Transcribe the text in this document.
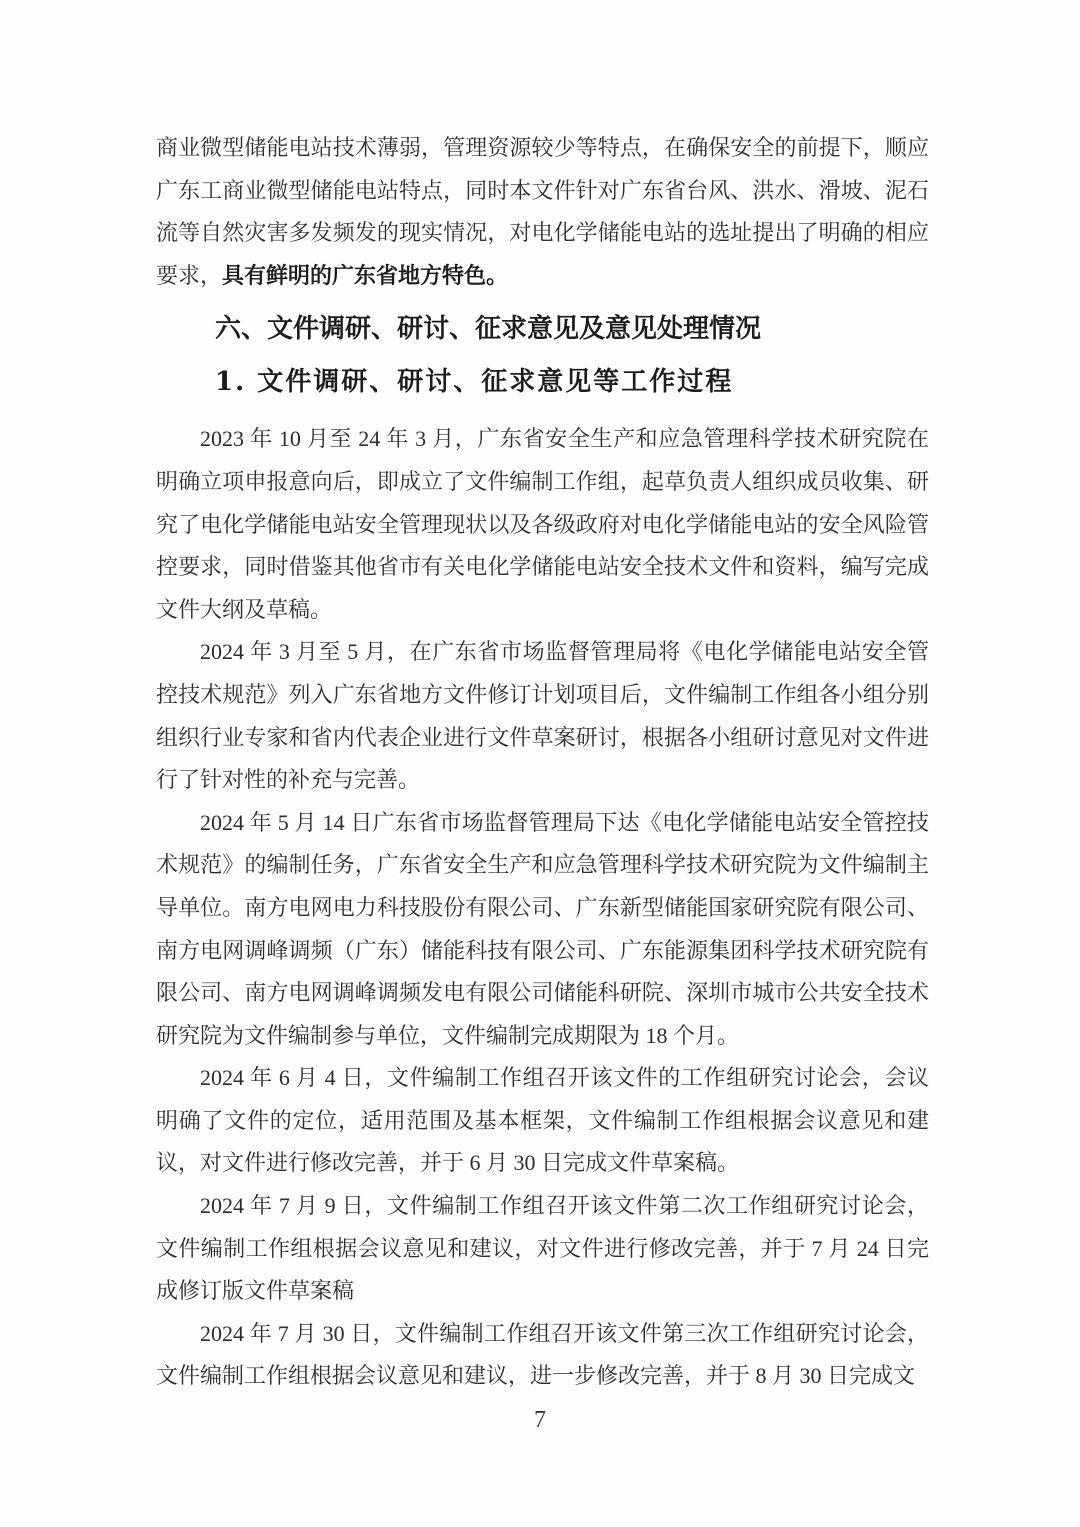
商业微型储能电站技术薄弱，管理资源较少等特点，在确保安全的前提下，顺应广东工商业微型储能电站特点，同时本文件针对广东省台风、洪水、滑坡、泥石流等自然灾害多发频发的现实情况，对电化学储能电站的选址提出了明确的相应要求，具有鲜明的广东省地方特色。

六、文件调研、研讨、征求意见及意见处理情况
1. 文件调研、研讨、征求意见等工作过程

2023 年 10 月至 24 年 3 月，广东省安全生产和应急管理科学技术研究院在明确立项申报意向后，即成立了文件编制工作组，起草负责人组织成员收集、研究了电化学储能电站安全管理现状以及各级政府对电化学储能电站的安全风险管控要求，同时借鉴其他省市有关电化学储能电站安全技术文件和资料，编写完成文件大纲及草稿。

2024 年 3 月至 5 月，在广东省市场监督管理局将《电化学储能电站安全管控技术规范》列入广东省地方文件修订计划项目后，文件编制工作组各小组分别组织行业专家和省内代表企业进行文件草案研讨，根据各小组研讨意见对文件进行了针对性的补充与完善。

2024 年 5 月 14 日广东省市场监督管理局下达《电化学储能电站安全管控技术规范》的编制任务，广东省安全生产和应急管理科学技术研究院为文件编制主导单位。南方电网电力科技股份有限公司、广东新型储能国家研究院有限公司、南方电网调峰调频（广东）储能科技有限公司、广东能源集团科学技术研究院有限公司、南方电网调峰调频发电有限公司储能科研院、深圳市城市公共安全技术研究院为文件编制参与单位，文件编制完成期限为 18 个月。

2024 年 6 月 4 日，文件编制工作组召开该文件的工作组研究讨论会，会议明确了文件的定位，适用范围及基本框架，文件编制工作组根据会议意见和建议，对文件进行修改完善，并于 6 月 30 日完成文件草案稿。

2024 年 7 月 9 日，文件编制工作组召开该文件第二次工作组研究讨论会，文件编制工作组根据会议意见和建议，对文件进行修改完善，并于 7 月 24 日完成修订版文件草案稿

2024 年 7 月 30 日，文件编制工作组召开该文件第三次工作组研究讨论会，文件编制工作组根据会议意见和建议，进一步修改完善，并于 8 月 30 日完成文

7
